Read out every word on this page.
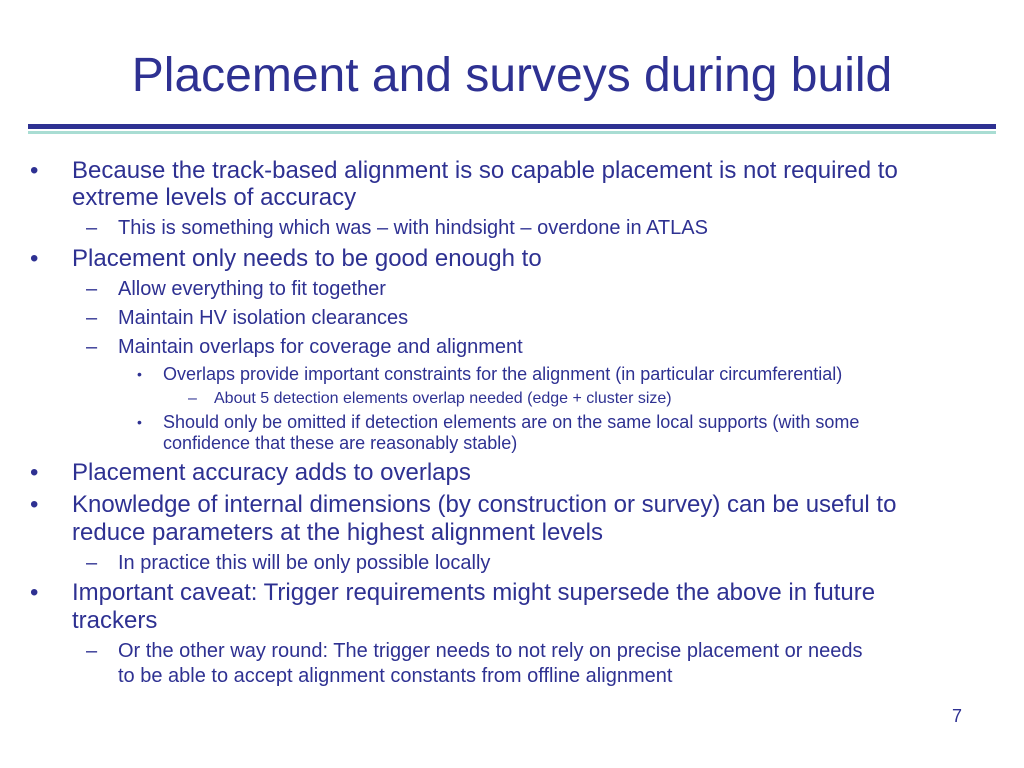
Placement and surveys during build
• Because the track-based alignment is so capable placement is not required to
extreme levels of accuracy
– This is something which was – with hindsight – overdone in ATLAS
• Placement only needs to be good enough to
– Allow everything to fit together
– Maintain HV isolation clearances
– Maintain overlaps for coverage and alignment
• Overlaps provide important constraints for the alignment (in particular circumferential)
– About 5 detection elements overlap needed (edge + cluster size)
• Should only be omitted if detection elements are on the same local supports (with some
confidence that these are reasonably stable)
• Placement accuracy adds to overlaps
• Knowledge of internal dimensions (by construction or survey) can be useful to
reduce parameters at the highest alignment levels
– In practice this will be only possible locally
• Important caveat: Trigger requirements might supersede the above in future
trackers
– Or the other way round: The trigger needs to not rely on precise placement or needs
to be able to accept alignment constants from offline alignment
7
